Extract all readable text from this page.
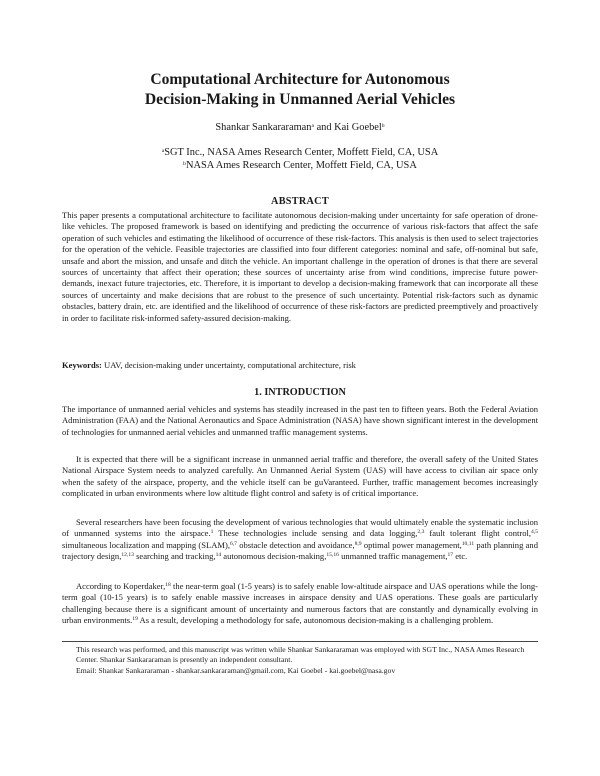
Computational Architecture for Autonomous
Decision-Making in Unmanned Aerial Vehicles
Shankar Sankararaman$^a$ and Kai Goebel$^b$
$^a$SGT Inc., NASA Ames Research Center, Moffett Field, CA, USA
$^b$NASA Ames Research Center, Moffett Field, CA, USA
ABSTRACT

This paper presents a computational architecture to facilitate autonomous decision-making under uncertainty for safe operation of drone-like vehicles. The proposed framework is based on identifying and predicting the occurrence of various risk-factors that affect the safe operation of such vehicles and estimating the likelihood of occurrence of these risk-factors. This analysis is then used to select trajectories for the operation of the vehicle. Feasible trajectories are classified into four different categories: nominal and safe, off-nominal but safe, unsafe and abort the mission, and unsafe and ditch the vehicle. An important challenge in the operation of drones is that there are several sources of uncertainty that affect their operation; these sources of uncertainty arise from wind conditions, imprecise future power-demands, inexact future trajectories, etc. Therefore, it is important to develop a decision-making framework that can incorporate all these sources of uncertainty and make decisions that are robust to the presence of such uncertainty. Potential risk-factors such as dynamic obstacles, battery drain, etc. are identified and the likelihood of occurrence of these risk-factors are predicted preemptively and proactively in order to facilitate risk-informed safety-assured decision-making.

Keywords: UAV, decision-making under uncertainty, computational architecture, risk

1. INTRODUCTION

The importance of unmanned aerial vehicles and systems has steadily increased in the past ten to fifteen years. Both the Federal Aviation Administration (FAA) and the National Aeronautics and Space Administration (NASA) have shown significant interest in the development of technologies for unmanned aerial vehicles and unmanned traffic management systems.

It is expected that there will be a significant increase in unmanned aerial traffic and therefore, the overall safety of the United States National Airspace System needs to analyzed carefully. An Unmanned Aerial System (UAS) will have access to civilian air space only when the safety of the airspace, property, and the vehicle itself can be guVaranteed. Further, traffic management becomes increasingly complicated in urban environments where low altitude flight control and safety is of critical importance.

Several researchers have been focusing the development of various technologies that would ultimately enable the systematic inclusion of unmanned systems into the airspace.$^1$ These technologies include sensing and data logging,$^{2,3}$ fault tolerant flight control,$^{4,5}$ simultaneous localization and mapping (SLAM),$^{6,7}$ obstacle detection and avoidance,$^{8,9}$ optimal power management,$^{10,11}$ path planning and trajectory design,$^{12,13}$ searching and tracking,$^{14}$ autonomous decision-making,$^{15,16}$ unmanned traffic management,$^{17}$ etc.

According to Koperdaker,$^{18}$ the near-term goal (1-5 years) is to safely enable low-altitude airspace and UAS operations while the long-term goal (10-15 years) is to safely enable massive increases in airspace density and UAS operations. These goals are particularly challenging because there is a significant amount of uncertainty and numerous factors that are constantly and dynamically evolving in urban environments.$^{19}$ As a result, developing a methodology for safe, autonomous decision-making is a challenging problem.

This research was performed, and this manuscript was written while Shankar Sankararaman was employed with SGT Inc., NASA Ames Research Center. Shankar Sankararaman is presently an independent consultant.
Email: Shankar Sankararaman - shankar.sankararaman@gmail.com, Kai Goebel - kai.goebel@nasa.gov
